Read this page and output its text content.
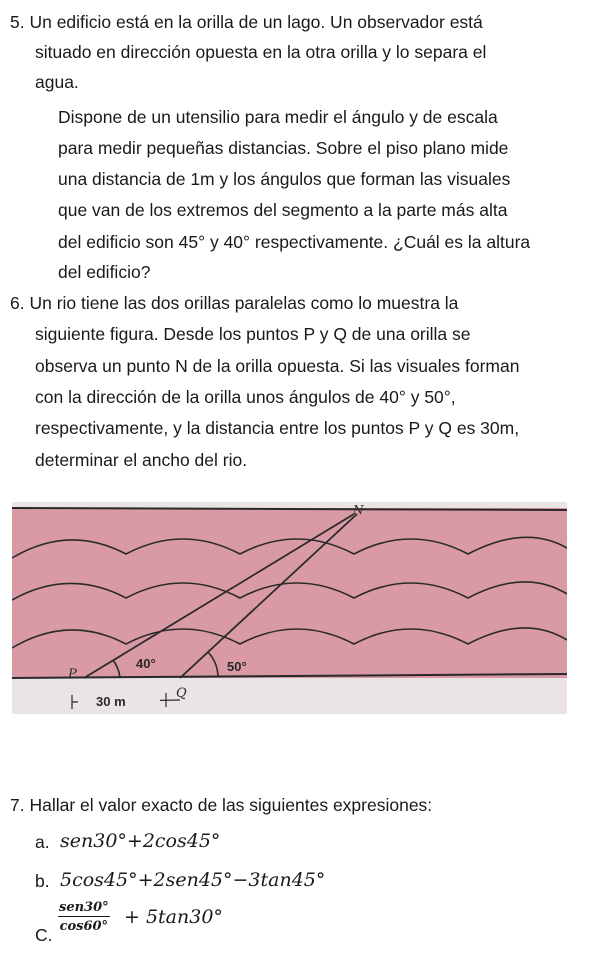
5. Un edificio está en la orilla de un lago. Un observador está
situado en dirección opuesta en la otra orilla y lo separa el
agua.
Dispone de un utensilio para medir el ángulo y de escala
para medir pequeñas distancias. Sobre el piso plano mide
una distancia de 1m y los ángulos que forman las visuales
que van de los extremos del segmento a la parte más alta
del edificio son 45° y 40° respectivamente. ¿Cuál es la altura
del edificio?
6. Un rio tiene las dos orillas paralelas como lo muestra la
siguiente figura. Desde los puntos P y Q de una orilla se
observa un punto N de la orilla opuesta. Si las visuales forman
con la dirección de la orilla unos ángulos de 40° y 50°,
respectivamente, y la distancia entre los puntos P y Q es 30m,
determinar el ancho del rio.
N
P
Q
40°	50°
30 m
7. Hallar el valor exacto de las siguientes expresiones:
a. sen30°+2cos45°
b. 5cos45°+2sen45°−3tan45°
C.
sen30°
cos60° + 5tan30°
